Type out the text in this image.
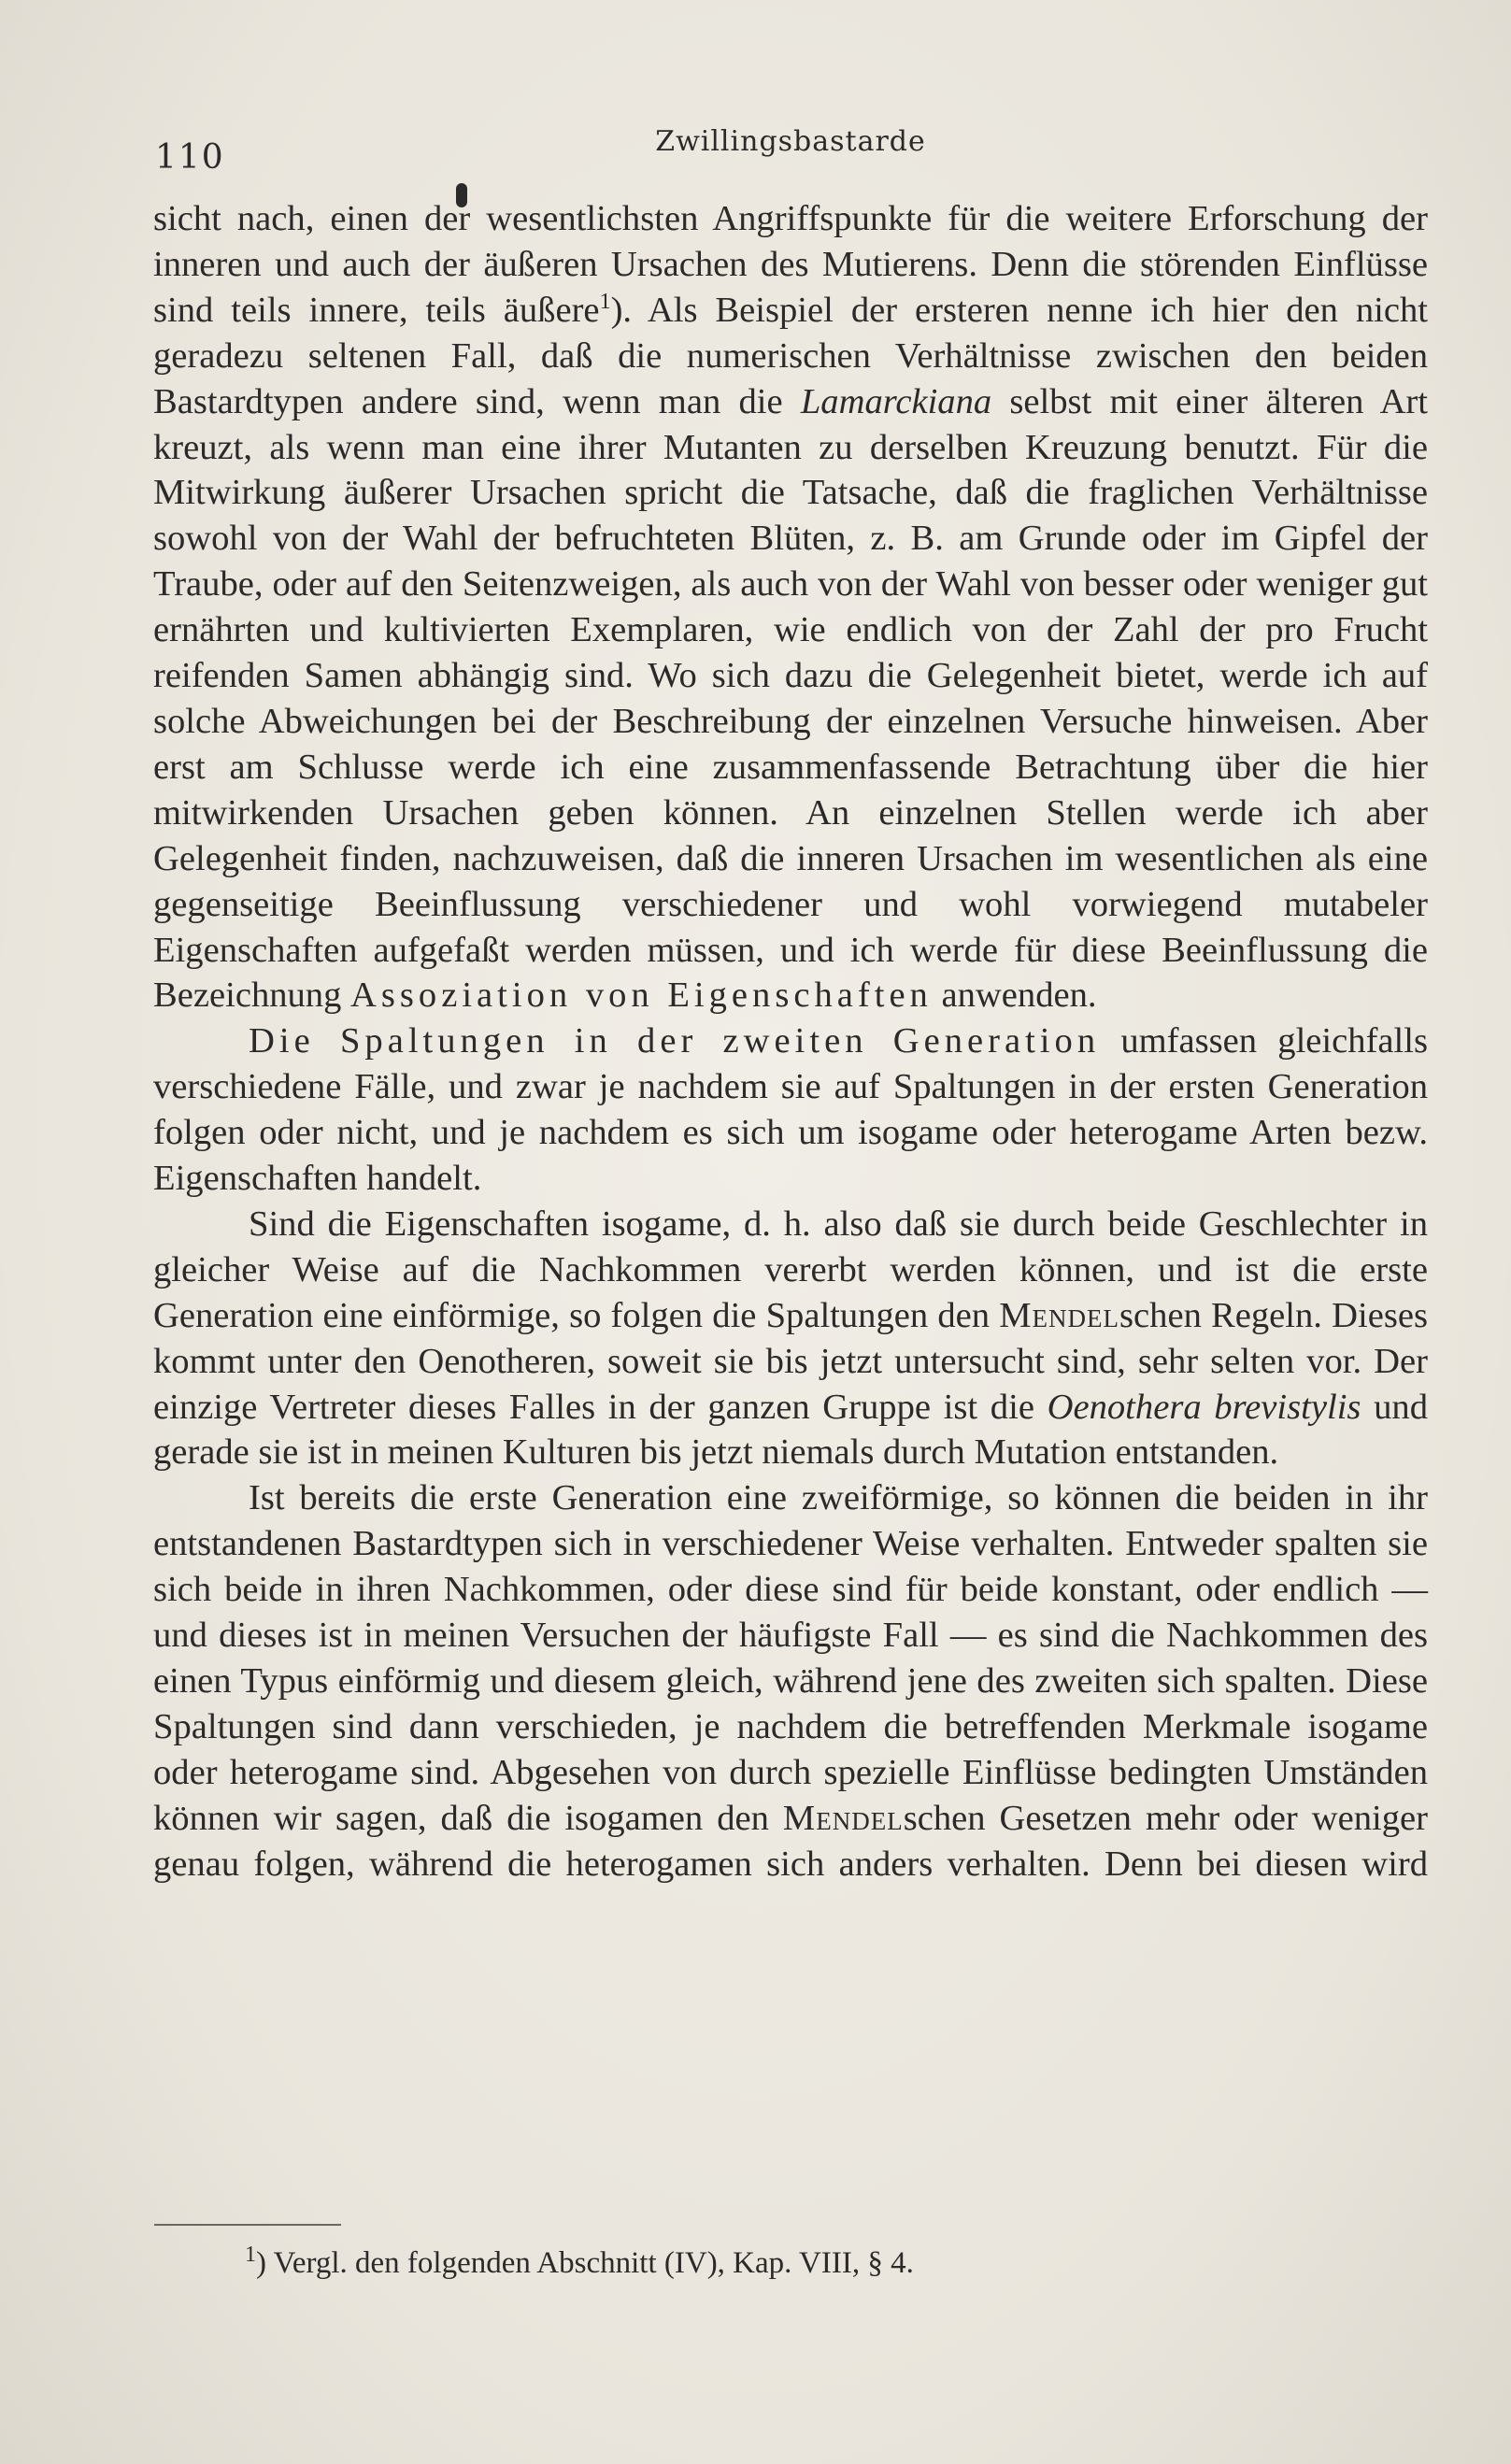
110	Zwillingsbastarde

sicht nach, einen der wesentlichsten Angriffspunkte für die weitere Erforschung der inneren und auch der äußeren Ursachen des Mutierens. Denn die störenden Einflüsse sind teils innere, teils äußere$^1$). Als Beispiel der ersteren nenne ich hier den nicht geradezu seltenen Fall, daß die numerischen Verhältnisse zwischen den beiden Bastardtypen andere sind, wenn man die Lamarckiana selbst mit einer älteren Art kreuzt, als wenn man eine ihrer Mutanten zu derselben Kreuzung benutzt. Für die Mitwirkung äußerer Ursachen spricht die Tatsache, daß die fraglichen Verhältnisse sowohl von der Wahl der befruchteten Blüten, z. B. am Grunde oder im Gipfel der Traube, oder auf den Seitenzweigen, als auch von der Wahl von besser oder weniger gut ernährten und kultivierten Exemplaren, wie endlich von der Zahl der pro Frucht reifenden Samen abhängig sind. Wo sich dazu die Gelegenheit bietet, werde ich auf solche Abweichungen bei der Beschreibung der einzelnen Versuche hinweisen. Aber erst am Schlusse werde ich eine zusammenfassende Betrachtung über die hier mitwirkenden Ursachen geben können. An einzelnen Stellen werde ich aber Gelegenheit finden, nachzuweisen, daß die inneren Ursachen im wesentlichen als eine gegenseitige Beeinflussung verschiedener und wohl vorwiegend mutabeler Eigenschaften aufgefaßt werden müssen, und ich werde für diese Beeinflussung die Bezeichnung Assoziation von Eigenschaften anwenden.

Die Spaltungen in der zweiten Generation umfassen gleichfalls verschiedene Fälle, und zwar je nachdem sie auf Spaltungen in der ersten Generation folgen oder nicht, und je nachdem es sich um isogame oder heterogame Arten bezw. Eigenschaften handelt.

Sind die Eigenschaften isogame, d. h. also daß sie durch beide Geschlechter in gleicher Weise auf die Nachkommen vererbt werden können, und ist die erste Generation eine einförmige, so folgen die Spaltungen den Mendelschen Regeln. Dieses kommt unter den Oenotheren, soweit sie bis jetzt untersucht sind, sehr selten vor. Der einzige Vertreter dieses Falles in der ganzen Gruppe ist die Oenothera brevistylis und gerade sie ist in meinen Kulturen bis jetzt niemals durch Mutation entstanden.

Ist bereits die erste Generation eine zweiförmige, so können die beiden in ihr entstandenen Bastardtypen sich in verschiedener Weise verhalten. Entweder spalten sie sich beide in ihren Nachkommen, oder diese sind für beide konstant, oder endlich — und dieses ist in meinen Versuchen der häufigste Fall — es sind die Nachkommen des einen Typus einförmig und diesem gleich, während jene des zweiten sich spalten. Diese Spaltungen sind dann verschieden, je nachdem die betreffenden Merkmale isogame oder heterogame sind. Abgesehen von durch spezielle Einflüsse bedingten Umständen können wir sagen, daß die isogamen den Mendelschen Gesetzen mehr oder weniger genau folgen, während die heterogamen sich anders verhalten. Denn bei diesen wird

$^1$) Vergl. den folgenden Abschnitt (IV), Kap. VIII, § 4.
